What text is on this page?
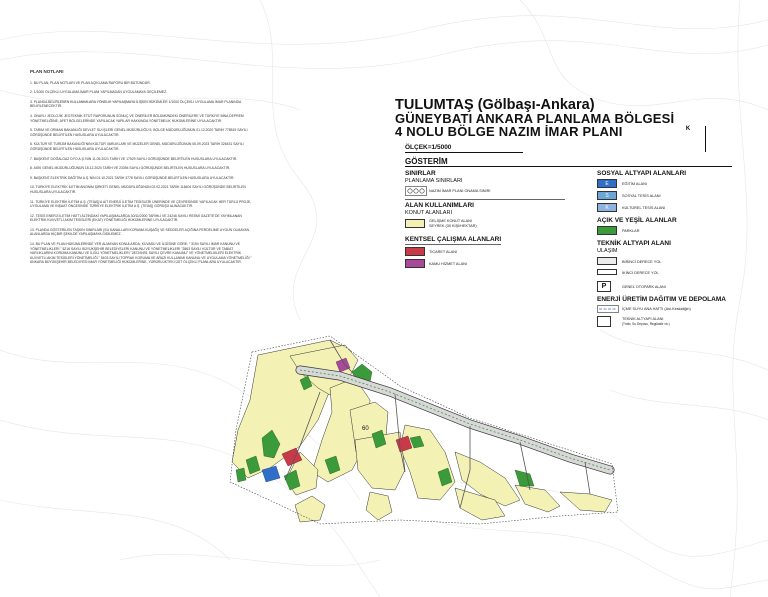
PLAN NOTLARI
1. BU PLAN, PLAN NOTLARI VE PLAN AÇIKLAMA RAPORU BİR BÜTÜNDÜR.
2. 1/1000 ÖLÇEKLİ UYGULAMA İMAR PLANI YAPILMADAN UYGULAMAYA GEÇİLEMEZ.
3. PLANDA BELİRLENEN KULLANIMLARA YÖNELİK YAPILAŞMAYA İLİŞKİN HÜKÜMLER 1/1000 ÖLÇEKLİ UYGULAMA İMAR PLANINDA BELİRLENECEKTİR.
4. ONAYLI JEOLOJİK JEOTEKNİK ETÜT RAPORUNUN SONUÇ VE ÖNERİLER BÖLÜMÜNDEKİ ÖNERİLERE VE TÜRKİYE BİNA DEPREM YÖNETMELİĞİNE, AFET BÖLGELERİNDE YAPILACAK YAPILAR HAKKINDA YÖNETMELİK HÜKÜMLERİNE UYULACAKTIR.
5. TARIM VE ORMAN BAKANLIĞI DEVLET SU İŞLERİ GENEL MÜDÜRLÜĞÜ 5. BÖLGE MÜDÜRLÜĞÜNÜN 01.12.2020 TARİH 778519 SAYILI GÖRÜŞÜNDE BELİRTİLEN HUSUSLARA UYULACAKTIR.
6. KÜLTÜR VE TURİZM BAKANLIĞI'NIN KÜLTÜR VARLIKLARI VE MÜZELER GENEL MÜDÜRLÜĞÜNÜN 06.09.2023 TARİH 326431 SAYILI GÖRÜŞÜNDE BELİRTİLEN HUSUSLARA UYULACAKTIR.
7. BAŞKENT DOĞALGAZ DYO A.Ş.'NİN 11.05.2021 TARİH VE 17529 SAYILI GÖRÜŞÜNDE BELİRTİLEN HUSUSLARA UYULACAKTIR.
8. ASKİ GENEL MÜDÜRLÜĞÜNÜN 18.12.2020 TARİH VE 23394 SAYILI GÖRÜŞÜNDE BELİRTİLEN HUSUSLARA UYULACAKTIR.
9. BAŞKENT ELEKTRİK DAĞITIM A.Ş.'NİN 01.10.2021 TARİH 3778 SAYILI GÖRÜŞÜNDE BELİRTİLEN HUSUSLARA UYULACAKTIR.
10. TÜRKİYE ELEKTRİK İLETİM ANONİM ŞİRKETİ GENEL MÜDÜRLÜĞÜNÜN 02.02.2021 TARİH 118404 SAYILI GÖRÜŞÜNDE BELİRTİLEN HUSUSLARA UYULACAKTIR.
11. TÜRKİYE ELEKTRİK İLETİM A.Ş. (TEİAŞ)'A AİT ENERJİ İLETİM TESİSLERİ ÜNERİNDE VE ÇEVRESİNDE YAPILACAK HER TÜRLÜ PROJE, UYGULAMA VE İNŞAAT ÖNCESİNDE TÜRKİYE ELEKTRİK İLETİM A.Ş. (TEİAŞ) GÖRÜŞÜ ALINACAKTIR.
12. TESİS ENERJİ İLETİM HATTI ALTINDAKİ YAPILAŞMALARDA 30/11/2000 TARİHLİ VE 24246 SAYILI RESMİ GAZETE'DE YAYIMLANAN ELEKTRİK KUVVETLİ AKIM TESİSLERİ (EKAT) YÖNETMELİĞİ HÜKÜMLERİNE UYULACAKTIR.
13. PLANDA GÖSTERİLEN TAŞKIN SINIRLARI (SU KANALLARI KORUMA KUŞAĞI) VE SEDDELER AÇIĞINA PERDELİME UYGUN OLMAYAN ALANLARDA HİÇBİR ŞEKİLDE YAPILAŞMAYA GİDİLEMEZ.
14. BU PLAN VE PLAN HÜKÜMLERİNDE YER ALMAYAN KONULARDA; KÜVASU VE İLGİSİNE GÖRE; " 3194 SAYILI İMAR KANUNU VE YÖNETMELİKLERİ " 5216 SAYILI BÜYÜKŞEHİR BELEDİYELERİ KANUNU VE YÖNETMELİKLERİ "2863 SAYILI KÜLTÜR VE TABİAT VARLIKLARINI KORUMA KANUNU VE İLGİLİ YÖNETMELİKLERİ "2872/5491 SAYILI ÇEVRE KANUNU" VE YÖNETMELİKLERİ ELEKTRİK KUVVETLİ AKIM TESİSLERİ YÖNETMELİĞİ " 5403 SAYILI TOPRAK KORUMA VE ARAZİ KULLANIMI KANUNU VE UYGULAMA YÖNETMELİĞİ " ANKARA BÜYÜKŞEHİR BELEDİYESİ İMAR YÖNETMELİĞİ HÜKÜMLERİNE, YÜRÜRLÜKTEKİ ÜST ÖLÇEKLİ PLANLARA UYULACAKTIR.
TULUMTAŞ (Gölbaşı-Ankara)
GÜNEYBATI ANKARA PLANLAMA BÖLGESİ
4 NOLU BÖLGE NAZIM İMAR PLANI	K
ÖLÇEK=1/5000
GÖSTERİM
SINIRLAR
PLANLAMA SINIRLARI
NAZIM İMAR PLANI ONAMA SINIRI
ALAN KULLANIMLARI
KONUT ALANLARI
GELİŞME KONUT ALANI
SEYREK (30 KİŞİ/HEKTAR)
KENTSEL ÇALIŞMA ALANLARI
TİCARET ALANI
KAMU HİZMET ALANI
SOSYAL ALTYAPI ALANLARI
E	EĞİTİM ALANI
S	SOSYAL TESİS ALANI
K	KÜLTÜREL TESİS ALANI
AÇIK VE YEŞİL ALANLAR
PARKLAR
TEKNİK ALTYAPI ALANI
ULAŞIM
BİRİNCİ DERECE YOL
İKİNCİ DERECE YOL
P	GENEL OTOPARK ALANI
ENERJİ ÜRETİM DAĞITIM VE DEPOLAMA
İÇME SUYU ANA HATTI (Asi-Keskidiğin)
TEKNİK ALTYAPI ALANI
(Trafo, Su Deposu, Regülatör vb.)
60
